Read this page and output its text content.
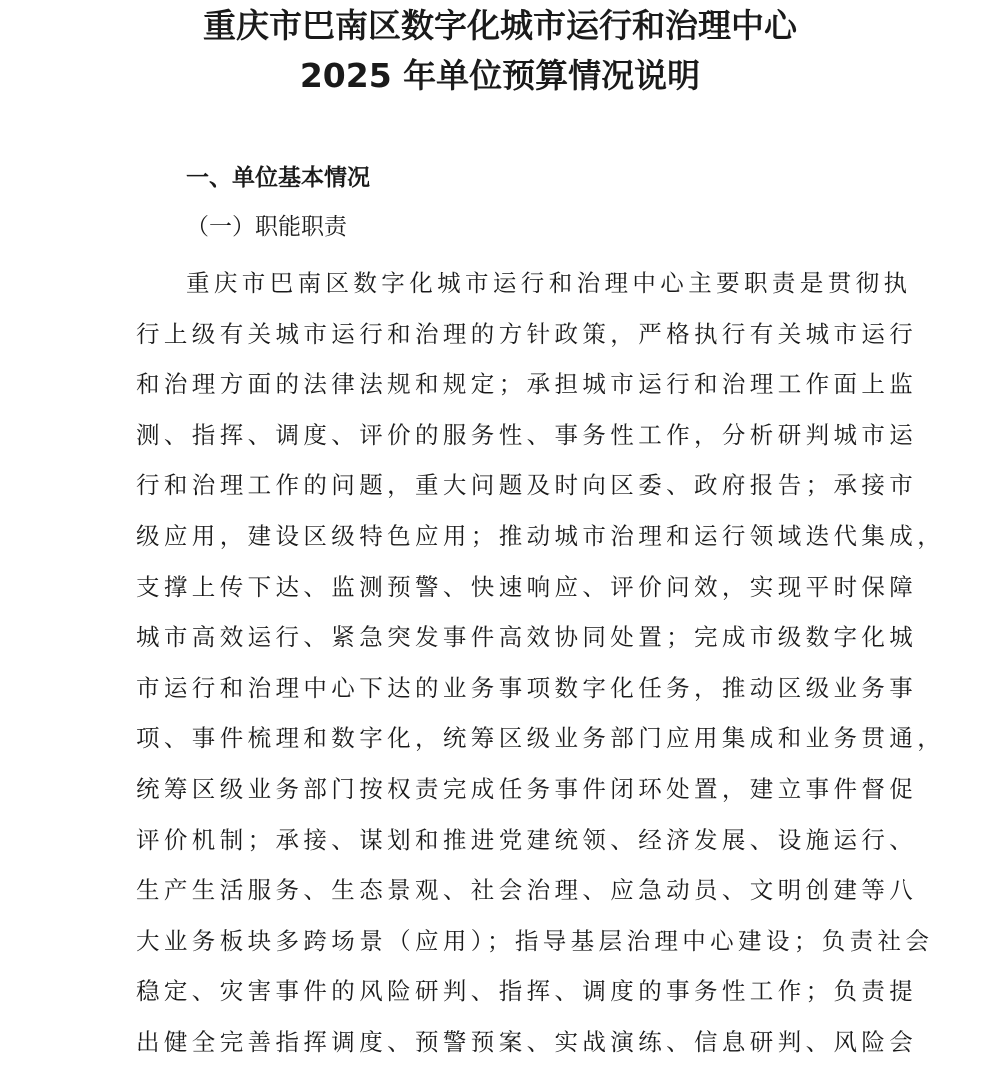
重庆市巴南区数字化城市运行和治理中心
2025 年单位预算情况说明
一、单位基本情况
（一）职能职责
重庆市巴南区数字化城市运行和治理中心主要职责是贯彻执
行上级有关城市运行和治理的方针政策，严格执行有关城市运行
和治理方面的法律法规和规定；承担城市运行和治理工作面上监
测、指挥、调度、评价的服务性、事务性工作，分析研判城市运
行和治理工作的问题，重大问题及时向区委、政府报告；承接市
级应用，建设区级特色应用；推动城市治理和运行领域迭代集成，
支撑上传下达、监测预警、快速响应、评价问效，实现平时保障
城市高效运行、紧急突发事件高效协同处置；完成市级数字化城
市运行和治理中心下达的业务事项数字化任务，推动区级业务事
项、事件梳理和数字化，统筹区级业务部门应用集成和业务贯通，
统筹区级业务部门按权责完成任务事件闭环处置，建立事件督促
评价机制；承接、谋划和推进党建统领、经济发展、设施运行、
生产生活服务、生态景观、社会治理、应急动员、文明创建等八
大业务板块多跨场景（应用）；指导基层治理中心建设；负责社会
稳定、灾害事件的风险研判、指挥、调度的事务性工作；负责提
出健全完善指挥调度、预警预案、实战演练、信息研判、风险会
